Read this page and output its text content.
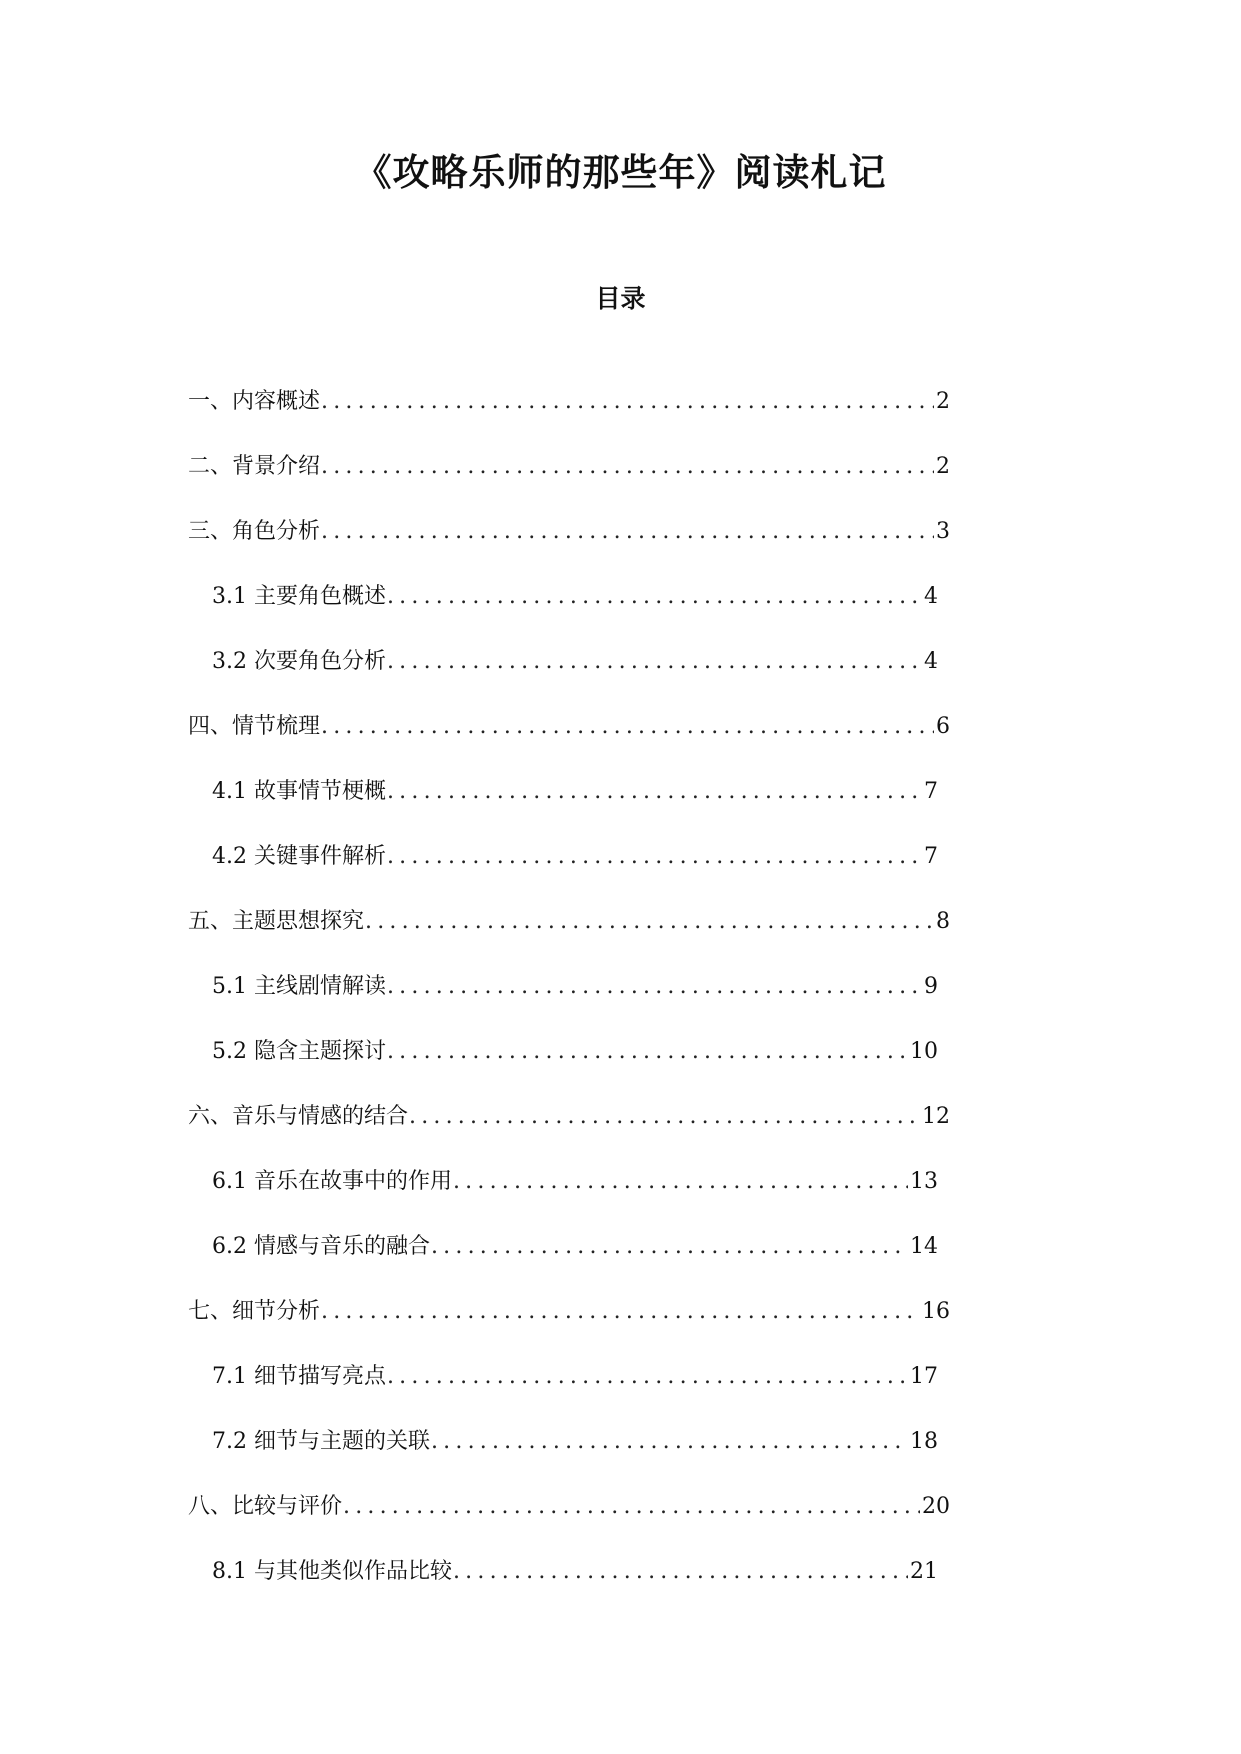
《攻略乐师的那些年》阅读札记
目录
一、内容概述 .....	2
二、背景介绍 .....	2
三、角色分析 .....	3
3.1 主要角色概述 .....	4
3.2 次要角色分析 .....	4
四、情节梳理 .....	6
4.1 故事情节梗概 .....	7
4.2 关键事件解析 .....	7
五、主题思想探究 .....	8
5.1 主线剧情解读 .....	9
5.2 隐含主题探讨 .....	10
六、音乐与情感的结合 .....	12
6.1 音乐在故事中的作用 .....	13
6.2 情感与音乐的融合 .....	14
七、细节分析 .....	16
7.1 细节描写亮点 .....	17
7.2 细节与主题的关联 .....	18
八、比较与评价 .....	20
8.1 与其他类似作品比较 .....	21
